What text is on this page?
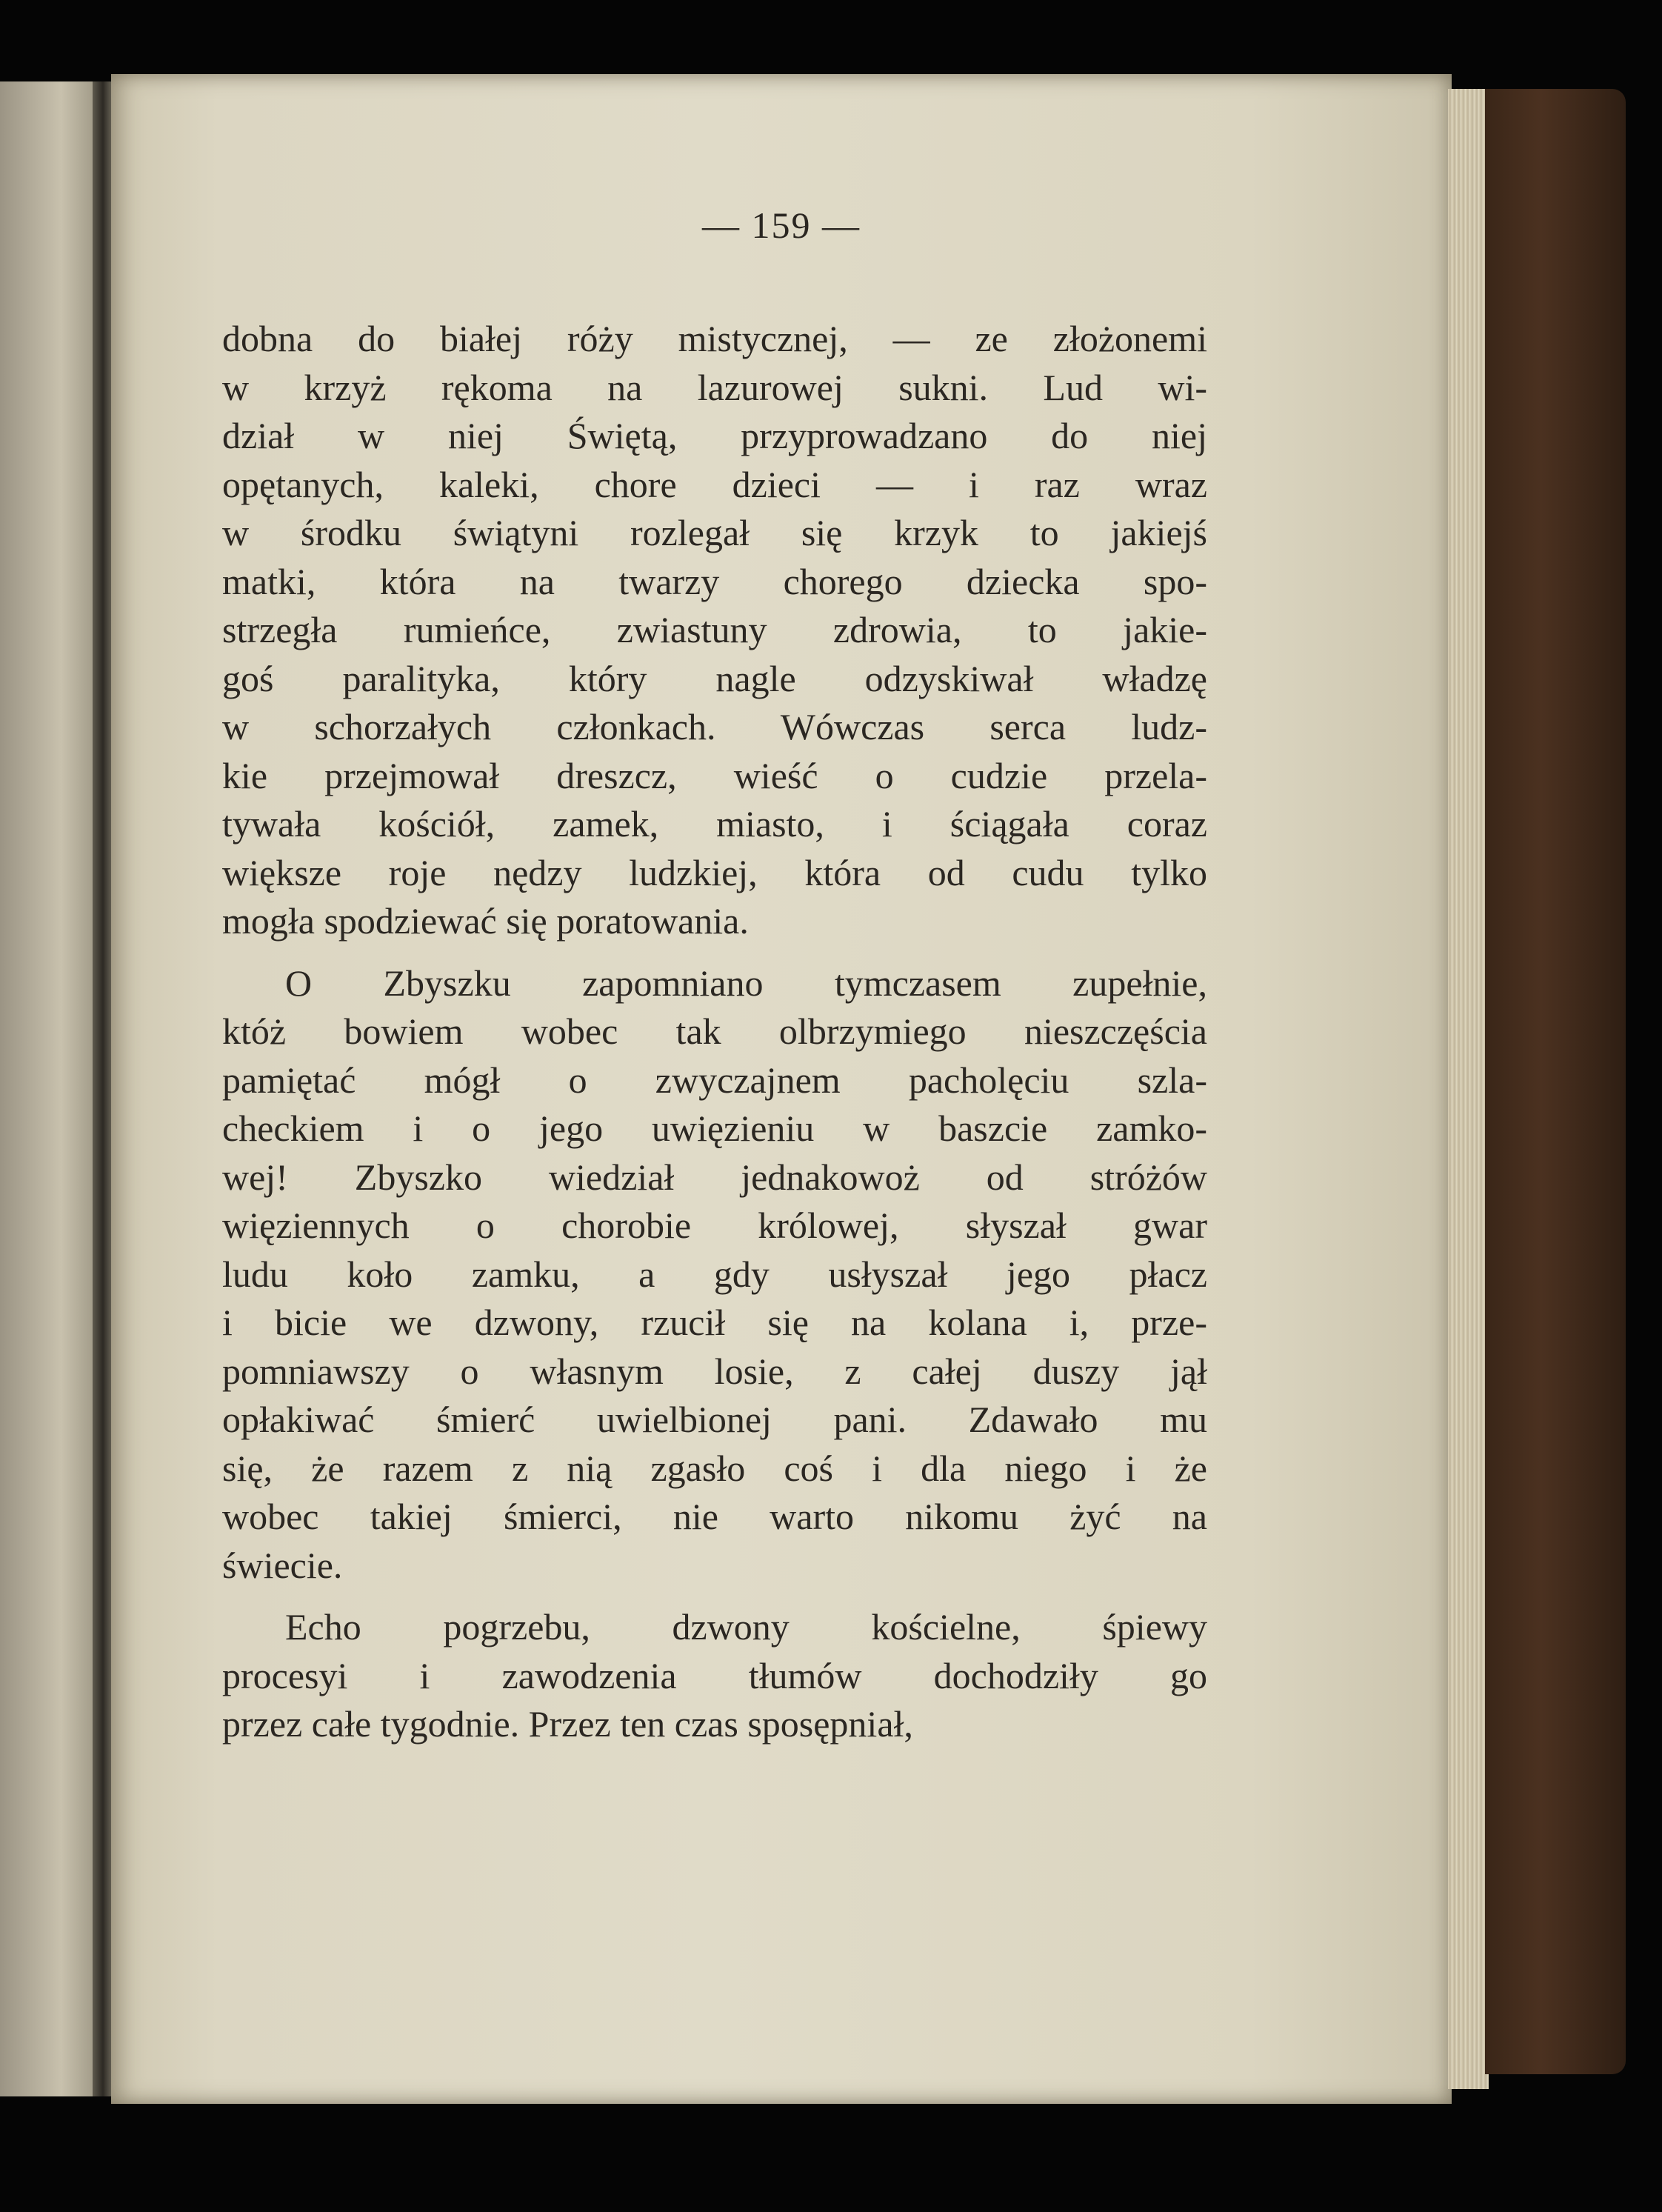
— 159 —
dobna do białej róży mistycznej, — ze złożonemi
w krzyż rękoma na lazurowej sukni. Lud wi-
dział w niej Świętą, przyprowadzano do niej
opętanych, kaleki, chore dzieci — i raz wraz
w środku świątyni rozlegał się krzyk to jakiejś
matki, która na twarzy chorego dziecka spo-
strzegła rumieńce, zwiastuny zdrowia, to jakie-
goś paralityka, który nagle odzyskiwał władzę
w schorzałych członkach. Wówczas serca ludz-
kie przejmował dreszcz, wieść o cudzie przela-
tywała kościół, zamek, miasto, i ściągała coraz
większe roje nędzy ludzkiej, która od cudu tylko
mogła spodziewać się poratowania.
O Zbyszku zapomniano tymczasem zupełnie,
któż bowiem wobec tak olbrzymiego nieszczęścia
pamiętać mógł o zwyczajnem pacholęciu szla-
checkiem i o jego uwięzieniu w baszcie zamko-
wej! Zbyszko wiedział jednakowoż od stróżów
więziennych o chorobie królowej, słyszał gwar
ludu koło zamku, a gdy usłyszał jego płacz
i bicie we dzwony, rzucił się na kolana i, prze-
pomniawszy o własnym losie, z całej duszy jął
opłakiwać śmierć uwielbionej pani. Zdawało mu
się, że razem z nią zgasło coś i dla niego i że
wobec takiej śmierci, nie warto nikomu żyć na
świecie.
Echo pogrzebu, dzwony kościelne, śpiewy
procesyi i zawodzenia tłumów dochodziły go
przez całe tygodnie. Przez ten czas sposępniał,
